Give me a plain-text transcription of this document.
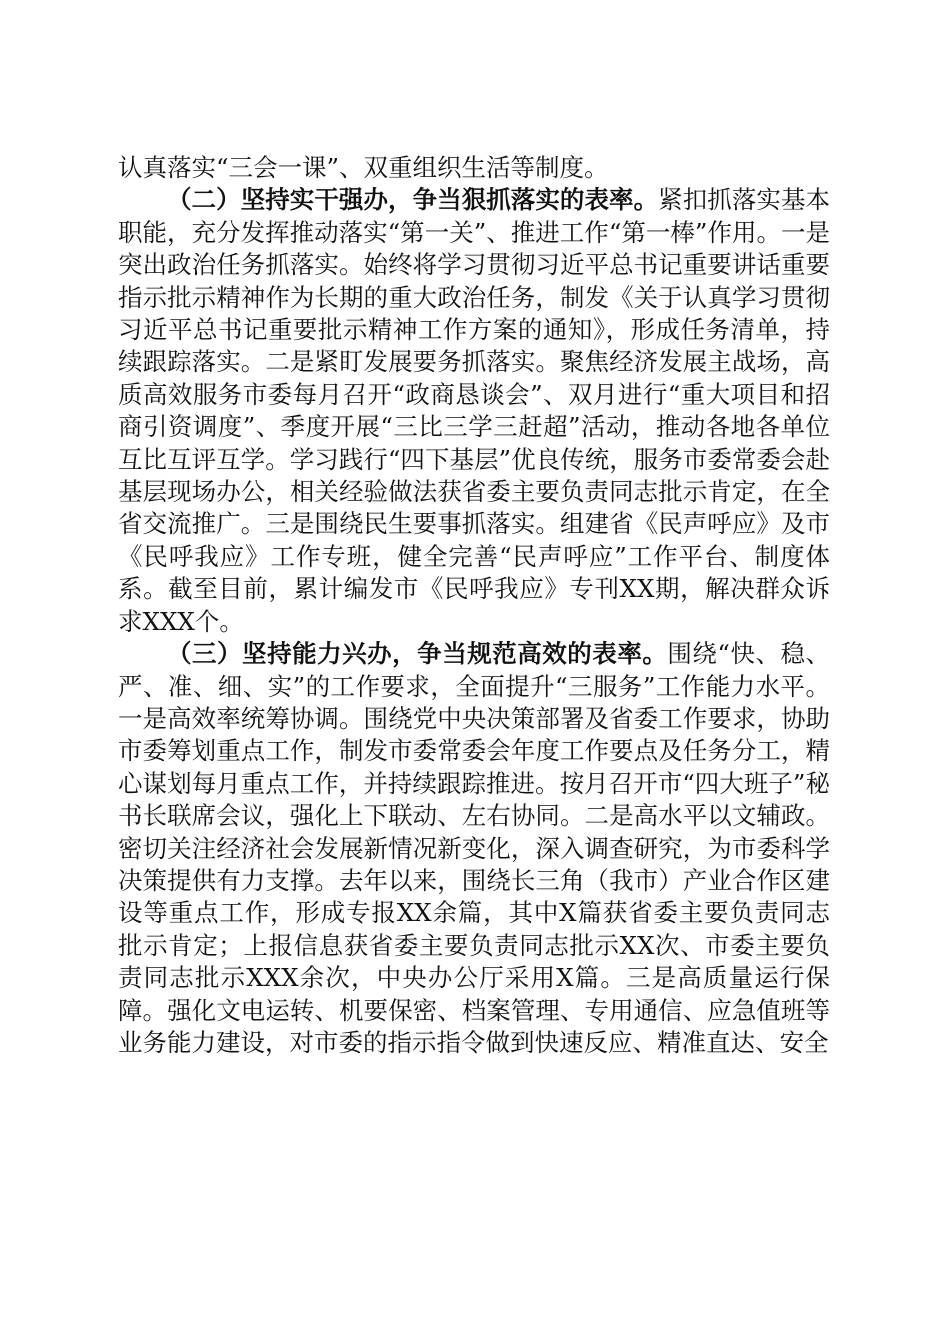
认真落实“三会一课”、双重组织生活等制度。

（二）坚持实干强办，争当狠抓落实的表率。紧扣抓落实基本职能，充分发挥推动落实“第一关”、推进工作“第一棒”作用。一是突出政治任务抓落实。始终将学习贯彻习近平总书记重要讲话重要指示批示精神作为长期的重大政治任务，制发《关于认真学习贯彻习近平总书记重要批示精神工作方案的通知》，形成任务清单，持续跟踪落实。二是紧盯发展要务抓落实。聚焦经济发展主战场，高质高效服务市委每月召开“政商恳谈会”、双月进行“重大项目和招商引资调度”、季度开展“三比三学三赶超”活动，推动各地各单位互比互评互学。学习践行“四下基层”优良传统，服务市委常委会赴基层现场办公，相关经验做法获省委主要负责同志批示肯定，在全省交流推广。三是围绕民生要事抓落实。组建省《民声呼应》及市《民呼我应》工作专班，健全完善“民声呼应”工作平台、制度体系。截至目前，累计编发市《民呼我应》专刊XX期，解决群众诉求XXX个。

（三）坚持能力兴办，争当规范高效的表率。围绕“快、稳、严、准、细、实”的工作要求，全面提升“三服务”工作能力水平。一是高效率统筹协调。围绕党中央决策部署及省委工作要求，协助市委筹划重点工作，制发市委常委会年度工作要点及任务分工，精心谋划每月重点工作，并持续跟踪推进。按月召开市“四大班子”秘书长联席会议，强化上下联动、左右协同。二是高水平以文辅政。密切关注经济社会发展新情况新变化，深入调查研究，为市委科学决策提供有力支撑。去年以来，围绕长三角（我市）产业合作区建设等重点工作，形成专报XX余篇，其中X篇获省委主要负责同志批示肯定；上报信息获省委主要负责同志批示XX次、市委主要负责同志批示XXX余次，中央办公厅采用X篇。三是高质量运行保障。强化文电运转、机要保密、档案管理、专用通信、应急值班等业务能力建设，对市委的指示指令做到快速反应、精准直达、安全
